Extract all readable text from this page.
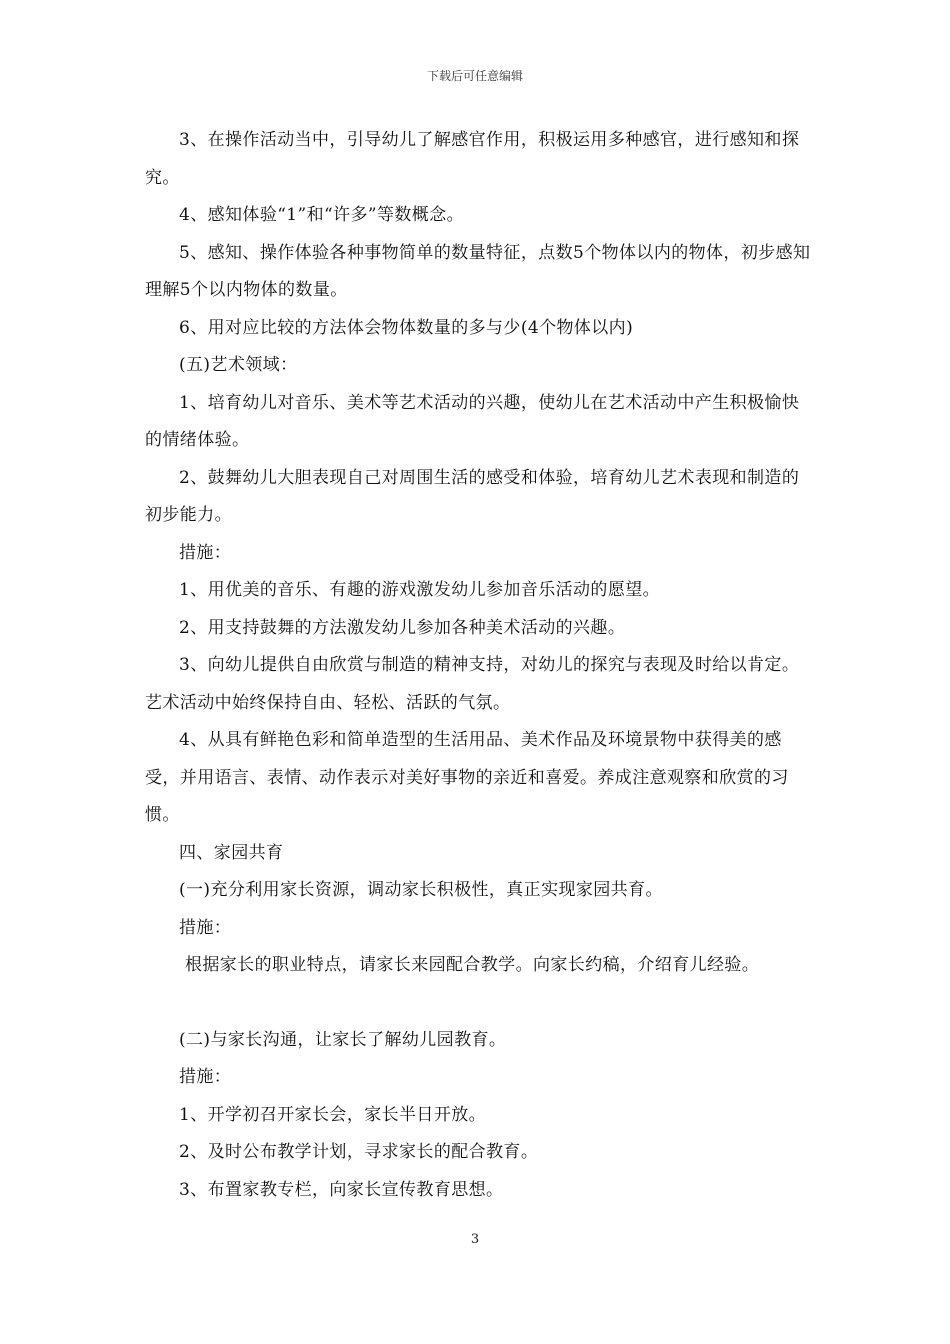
下载后可任意编辑

3、在操作活动当中，引导幼儿了解感官作用，积极运用多种感官，进行感知和探究。

4、感知体验“1”和“许多”等数概念。

5、感知、操作体验各种事物简单的数量特征，点数5个物体以内的物体，初步感知理解5个以内物体的数量。

6、用对应比较的方法体会物体数量的多与少(4个物体以内)

(五)艺术领域：

1、培育幼儿对音乐、美术等艺术活动的兴趣，使幼儿在艺术活动中产生积极愉快的情绪体验。

2、鼓舞幼儿大胆表现自己对周围生活的感受和体验，培育幼儿艺术表现和制造的初步能力。

措施：

1、用优美的音乐、有趣的游戏激发幼儿参加音乐活动的愿望。

2、用支持鼓舞的方法激发幼儿参加各种美术活动的兴趣。

3、向幼儿提供自由欣赏与制造的精神支持，对幼儿的探究与表现及时给以肯定。艺术活动中始终保持自由、轻松、活跃的气氛。

4、从具有鲜艳色彩和简单造型的生活用品、美术作品及环境景物中获得美的感受，并用语言、表情、动作表示对美好事物的亲近和喜爱。养成注意观察和欣赏的习惯。

四、家园共育

(一)充分利用家长资源，调动家长积极性，真正实现家园共育。

措施：

根据家长的职业特点，请家长来园配合教学。向家长约稿，介绍育儿经验。

(二)与家长沟通，让家长了解幼儿园教育。

措施：

1、开学初召开家长会，家长半日开放。

2、及时公布教学计划，寻求家长的配合教育。

3、布置家教专栏，向家长宣传教育思想。

3
